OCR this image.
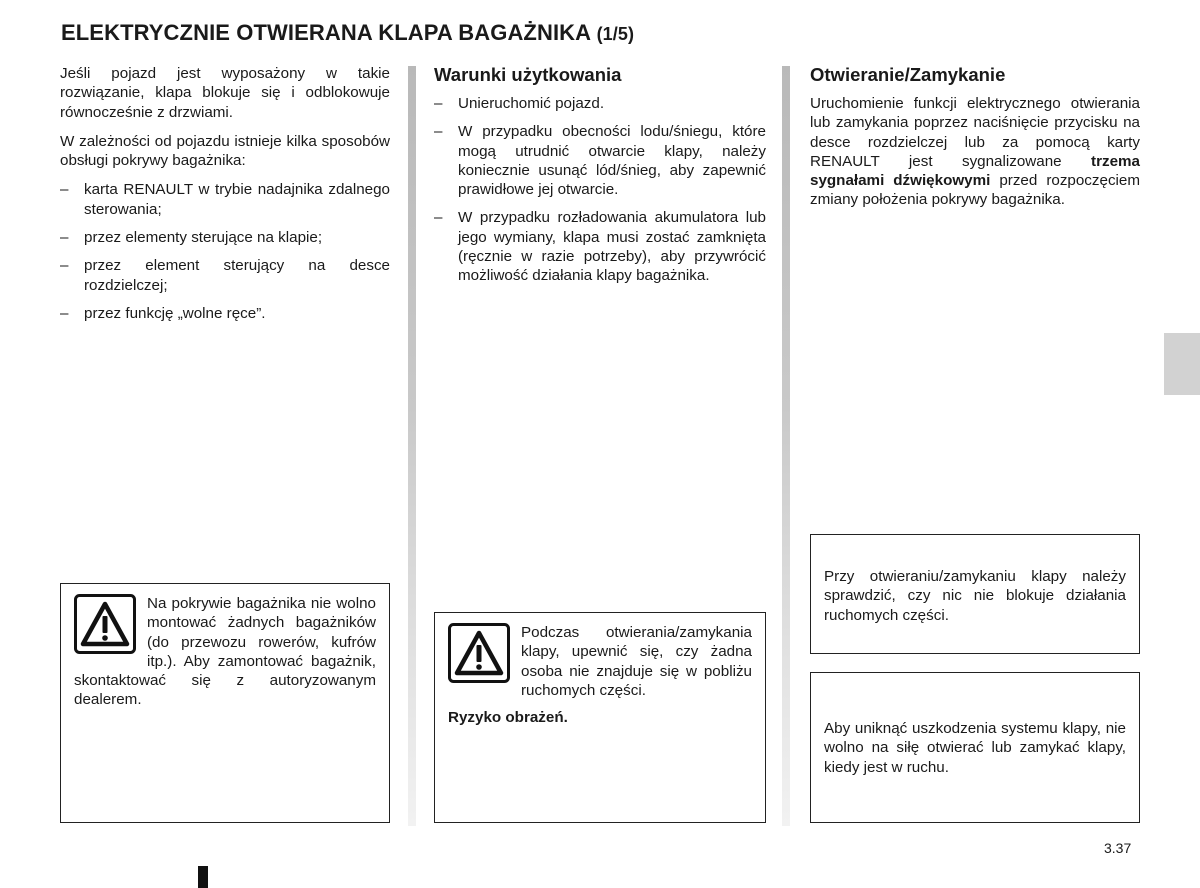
ELEKTRYCZNIE OTWIERANA KLAPA BAGAŻNIKA (1/5)

Jeśli pojazd jest wyposażony w takie rozwiązanie, klapa blokuje się i odblokowuje równocześnie z drzwiami.

W zależności od pojazdu istnieje kilka sposobów obsługi pokrywy bagażnika:

– karta RENAULT w trybie nadajnika zdalnego sterowania;
– przez elementy sterujące na klapie;
– przez element sterujący na desce rozdzielczej;
– przez funkcję „wolne ręce”.
Na pokrywie bagażnika nie wolno montować żadnych bagażników (do przewozu rowerów, kufrów itp.). Aby zamontować bagażnik, skontaktować się z autoryzowanym dealerem.
Warunki użytkowania
– Unieruchomić pojazd.
– W przypadku obecności lodu/śniegu, które mogą utrudnić otwarcie klapy, należy koniecznie usunąć lód/śnieg, aby zapewnić prawidłowe jej otwarcie.
– W przypadku rozładowania akumulatora lub jego wymiany, klapa musi zostać zamknięta (ręcznie w razie potrzeby), aby przywrócić możliwość działania klapy bagażnika.
Podczas otwierania/zamykania klapy, upewnić się, czy żadna osoba nie znajduje się w pobliżu ruchomych części.
Ryzyko obrażeń.
Otwieranie/Zamykanie

Uruchomienie funkcji elektrycznego otwierania lub zamykania poprzez naciśnięcie przycisku na desce rozdzielczej lub za pomocą karty RENAULT jest sygnalizowane trzema sygnałami dźwiękowymi przed rozpoczęciem zmiany położenia pokrywy bagażnika.

Przy otwieraniu/zamykaniu klapy należy sprawdzić, czy nic nie blokuje działania ruchomych części.
Aby uniknąć uszkodzenia systemu klapy, nie wolno na siłę otwierać lub zamykać klapy, kiedy jest w ruchu.
3.37
